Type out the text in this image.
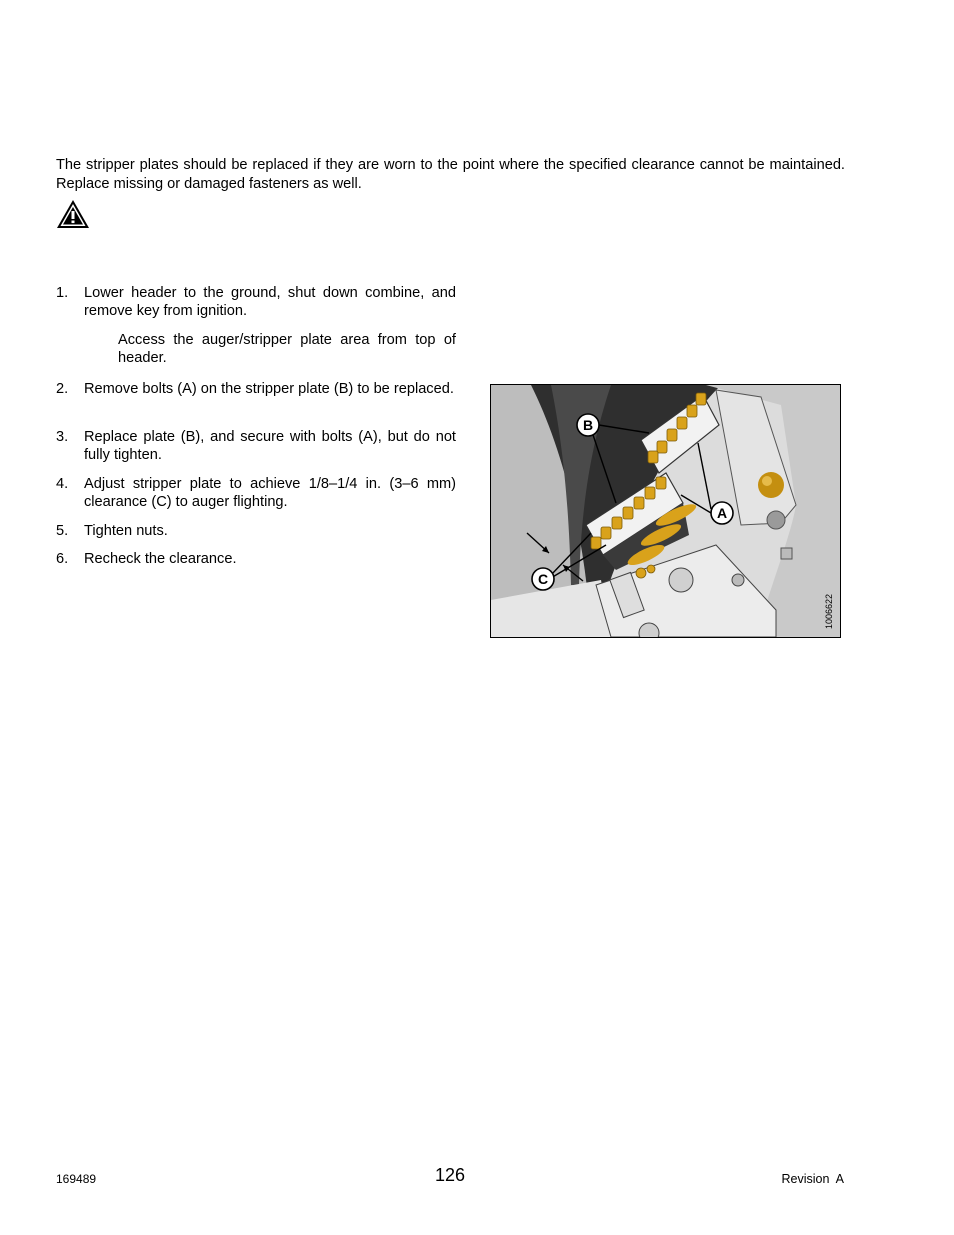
The stripper plates should be replaced if they are worn to the point where the specified clearance cannot be maintained. Replace missing or damaged fasteners as well.

1. Lower header to the ground, shut down combine, and remove key from ignition.
Access the auger/stripper plate area from top of header.
2. Remove bolts (A) on the stripper plate (B) to be replaced.
3. Replace plate (B), and secure with bolts (A), but do not fully tighten.
4. Adjust stripper plate to achieve 1/8–1/4 in. (3–6 mm) clearance (C) to auger flighting.
5. Tighten nuts.
6. Recheck the clearance.
B
A
C
1006622
169489	126	Revision  A
